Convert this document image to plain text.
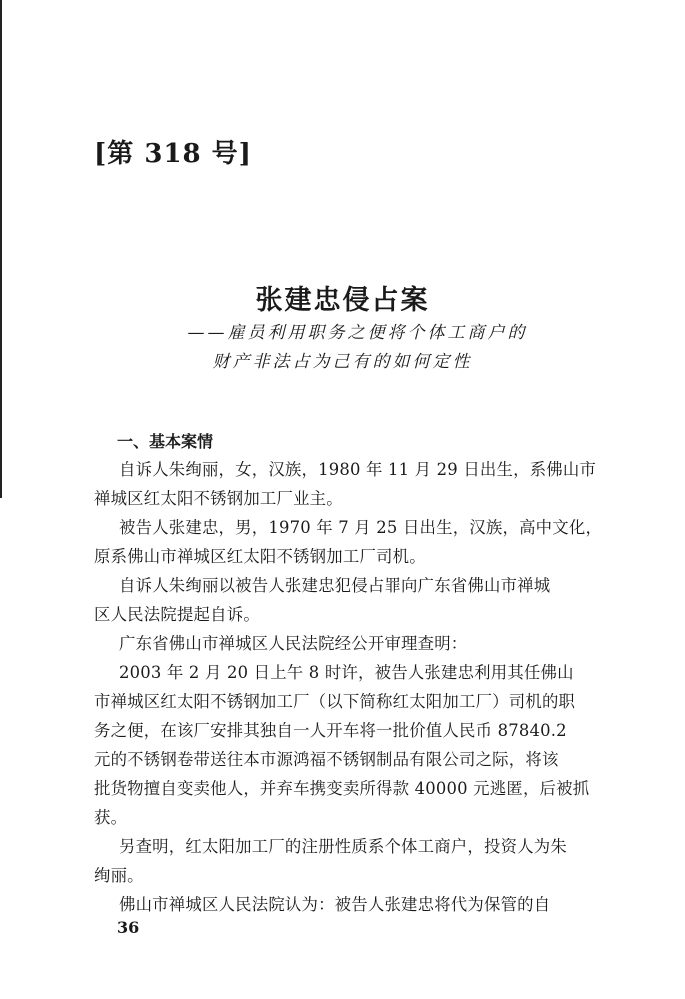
[第 318 号]
张建忠侵占案
——雇员利用职务之便将个体工商户的
财产非法占为己有的如何定性
一、基本案情
自诉人朱绚丽，女，汉族，1980 年 11 月 29 日出生，系佛山市
禅城区红太阳不锈钢加工厂业主。
被告人张建忠，男，1970 年 7 月 25 日出生，汉族，高中文化，
原系佛山市禅城区红太阳不锈钢加工厂司机。
自诉人朱绚丽以被告人张建忠犯侵占罪向广东省佛山市禅城
区人民法院提起自诉。
广东省佛山市禅城区人民法院经公开审理查明：
2003 年 2 月 20 日上午 8 时许，被告人张建忠利用其任佛山
市禅城区红太阳不锈钢加工厂（以下简称红太阳加工厂）司机的职
务之便，在该厂安排其独自一人开车将一批价值人民币 87840.2
元的不锈钢卷带送往本市源鸿福不锈钢制品有限公司之际，将该
批货物擅自变卖他人，并弃车携变卖所得款 40000 元逃匿，后被抓
获。
另查明，红太阳加工厂的注册性质系个体工商户，投资人为朱
绚丽。
佛山市禅城区人民法院认为：被告人张建忠将代为保管的自
36
